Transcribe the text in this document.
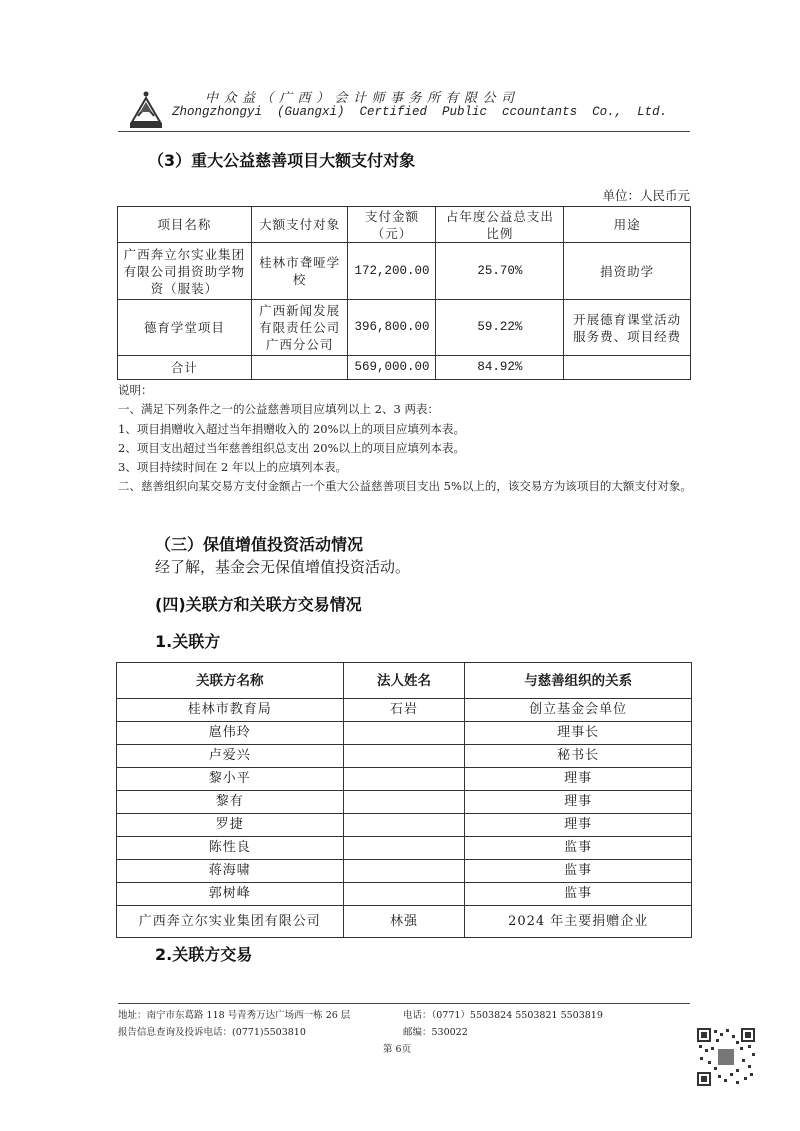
中众益（广西）会计师事务所有限公司
Zhongzhongyi  (Guangxi)  Certified  Public  ccountants  Co.,  Ltd.
（3）重大公益慈善项目大额支付对象
单位：人民币元
项目名称	大额支付对象	支付金额（元）	占年度公益总支出比例	用途
广西奔立尔实业集团有限公司捐资助学物资（服装）	桂林市聋哑学校	172,200.00	25.70%	捐资助学
德育学堂项目	广西新闻发展有限责任公司广西分公司	396,800.00	59.22%	开展德育课堂活动服务费、项目经费
合计		569,000.00	84.92%	
说明：
一、满足下列条件之一的公益慈善项目应填列以上 2、3 两表：
1、项目捐赠收入超过当年捐赠收入的 20%以上的项目应填列本表。
2、项目支出超过当年慈善组织总支出 20%以上的项目应填列本表。
3、项目持续时间在 2 年以上的应填列本表。
二、慈善组织向某交易方支付金额占一个重大公益慈善项目支出 5%以上的，该交易方为该项目的大额支付对象。
（三）保值增值投资活动情况
经了解，基金会无保值增值投资活动。
(四)关联方和关联方交易情况
1.关联方
关联方名称	法人姓名	与慈善组织的关系
桂林市教育局	石岩	创立基金会单位
扈伟玲		理事长
卢爱兴		秘书长
黎小平		理事
黎有		理事
罗捷		理事
陈性良		监事
蒋海啸		监事
郭树峰		监事
广西奔立尔实业集团有限公司	林强	2024 年主要捐赠企业
2.关联方交易
地址：南宁市东葛路 118 号青秀万达广场西一栋 26 层	电话：（0771）5503824 5503821 5503819
报告信息查询及投诉电话：(0771)5503810	邮编：530022
第 6页
